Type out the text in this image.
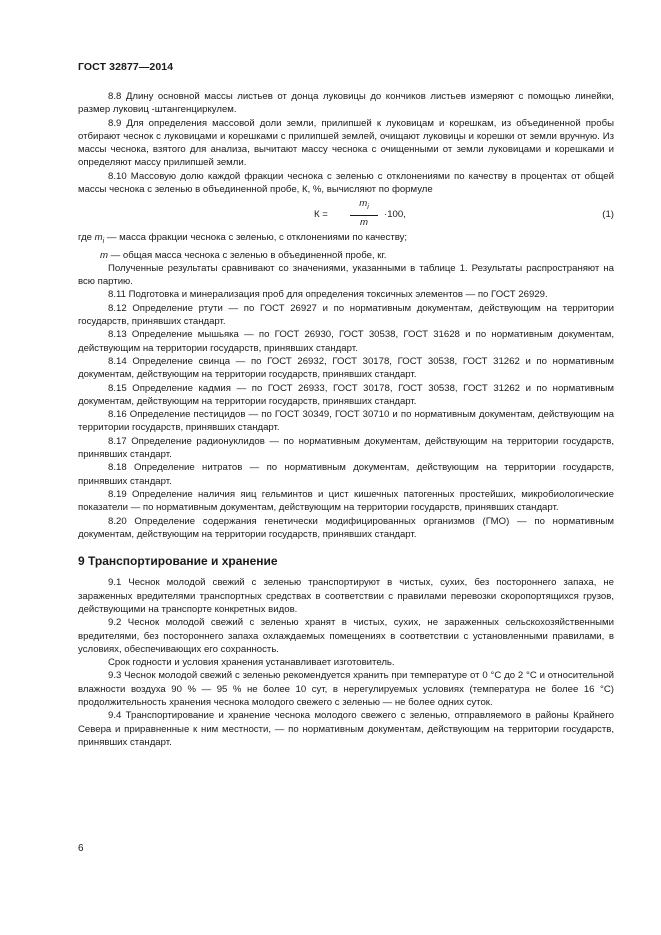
ГОСТ 32877—2014

8.8 Длину основной массы листьев от донца луковицы до кончиков листьев измеряют с помощью линейки, размер луковиц -штангенциркулем.

8.9 Для определения массовой доли земли, прилипшей к луковицам и корешкам, из объединенной пробы отбирают чеснок с луковицами и корешками с прилипшей землей, очищают луковицы и корешки от земли вручную. Из массы чеснока, взятого для анализа, вычитают массу чеснока с очищенными от земли луковицами и корешками и определяют массу прилипшей земли.

8.10 Массовую долю каждой фракции чеснока с зеленью с отклонениями по качеству в процентах от общей массы чеснока с зеленью в объединенной пробе, К, %, вычисляют по формуле

К =
$m_i$
m
·100,	(1)

где $m_i$ — масса фракции чеснока с зеленью, с отклонениями по качеству;

m — общая масса чеснока с зеленью в объединенной пробе, кг.

Полученные результаты сравнивают со значениями, указанными в таблице 1. Результаты распространяют на всю партию.

8.11 Подготовка и минерализация проб для определения токсичных элементов — по ГОСТ 26929.

8.12 Определение ртути — по ГОСТ 26927 и по нормативным документам, действующим на территории государств, принявших стандарт.

8.13 Определение мышьяка — по ГОСТ 26930, ГОСТ 30538, ГОСТ 31628 и по нормативным документам, действующим на территории государств, принявших стандарт.

8.14 Определение свинца — по ГОСТ 26932, ГОСТ 30178, ГОСТ 30538, ГОСТ 31262 и по нормативным документам, действующим на территории государств, принявших стандарт.

8.15 Определение кадмия — по ГОСТ 26933, ГОСТ 30178, ГОСТ 30538, ГОСТ 31262 и по нормативным документам, действующим на территории государств, принявших стандарт.

8.16 Определение пестицидов — по ГОСТ 30349, ГОСТ 30710 и по нормативным документам, действующим на территории государств, принявших стандарт.

8.17 Определение радионуклидов — по нормативным документам, действующим на территории государств, принявших стандарт.

8.18 Определение нитратов — по нормативным документам, действующим на территории государств, принявших стандарт.

8.19 Определение наличия яиц гельминтов и цист кишечных патогенных простейших, микробиологические показатели — по нормативным документам, действующим на территории государств, принявших стандарт.

8.20 Определение содержания генетически модифицированных организмов (ГМО) — по нормативным документам, действующим на территории государств, принявших стандарт.

9 Транспортирование и хранение

9.1 Чеснок молодой свежий с зеленью транспортируют в чистых, сухих, без постороннего запаха, не зараженных вредителями транспортных средствах в соответствии с правилами перевозки скоропортящихся грузов, действующими на транспорте конкретных видов.

9.2 Чеснок молодой свежий с зеленью хранят в чистых, сухих, не зараженных сельскохозяйственными вредителями, без постороннего запаха охлаждаемых помещениях в соответствии с установленными правилами, в условиях, обеспечивающих его сохранность.

Срок годности и условия хранения устанавливает изготовитель.

9.3 Чеснок молодой свежий с зеленью рекомендуется хранить при температуре от 0 °С до 2 °С и относительной влажности воздуха 90 % — 95 % не более 10 сут, в нерегулируемых условиях (температура не более 16 °С) продолжительность хранения чеснока молодого свежего с зеленью — не более одних суток.

9.4 Транспортирование и хранение чеснока молодого свежего с зеленью, отправляемого в районы Крайнего Севера и приравненные к ним местности, — по нормативным документам, действующим на территории государств, принявших стандарт.

6
